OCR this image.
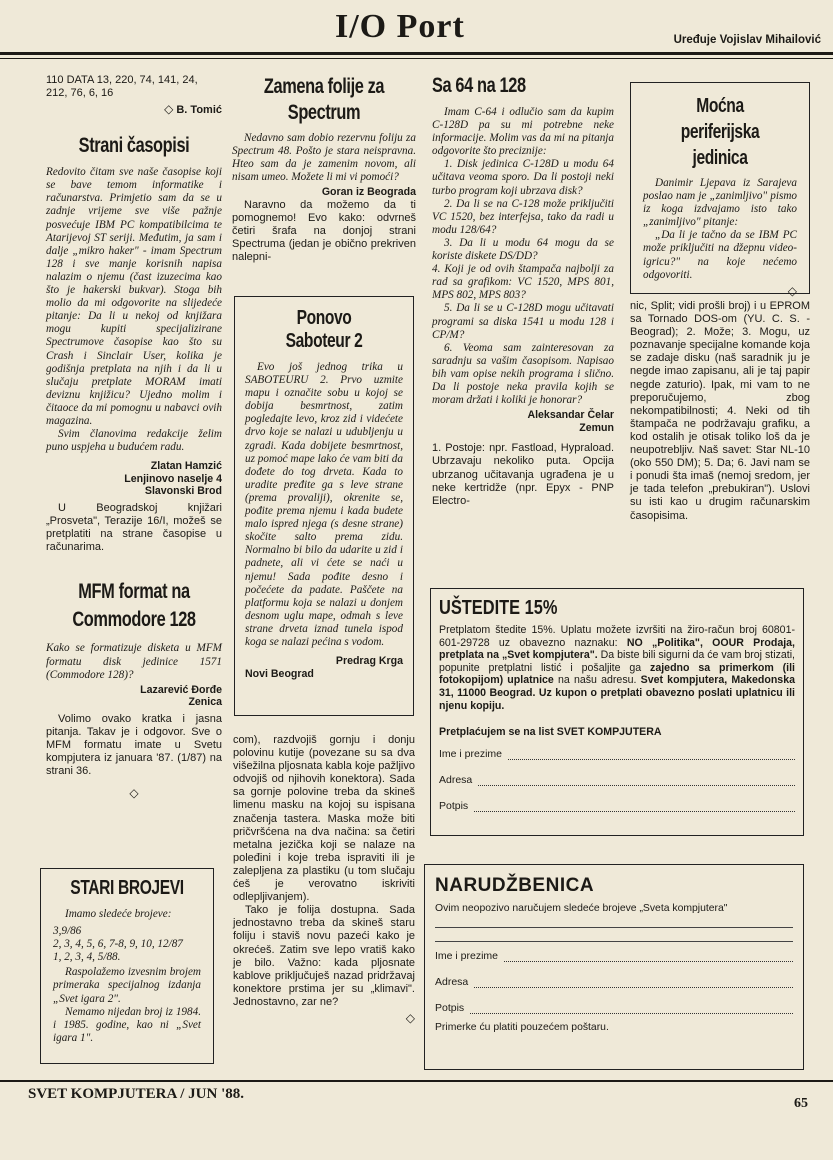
I/O Port	Uređuje Vojislav Mihailović

110 DATA 13, 220, 74, 141, 24, 212, 76, 6, 16

◇ B. Tomić
Strani časopisi

Redovito čitam sve naše časopise koji se bave temom informatike i računarstva. Primjetio sam da se u zadnje vrijeme sve više pažnje posvećuje IBM PC kompatibilcima te Atarijevoj ST seriji. Međutim, ja sam i dalje „mikro haker" - imam Spectrum 128 i sve manje korisnih napisa nalazim o njemu (čast izuzecima kao što je hakerski bukvar). Stoga bih molio da mi odgovorite na slijedeće pitanje: Da li u nekoj od knjižara mogu kupiti specijalizirane Spectrumove časopise kao što su Crash i Sinclair User, kolika je godišnja pretplata na njih i da li u slučaju pretplate MORAM imati deviznu knjižicu? Ujedno molim i čitaoce da mi pomognu u nabavci ovih magazina.

Svim članovima redakcije želim puno uspjeha u budućem radu.

Zlatan Hamzić
Lenjinovo naselje 4
Slavonski Brod

U Beogradskoj knjižari „Prosveta", Terazije 16/I, možeš se pretplatiti na strane časopise u računarima.

MFM format na Commodore 128

Kako se formatizuje disketa u MFM formatu disk jedinice 1571 (Commodore 128)?

Lazarević Đorđe
Zenica

Volimo ovako kratka i jasna pitanja. Takav je i odgovor. Sve o MFM formatu imate u Svetu kompjutera iz januara '87. (1/87) na strani 36.

◇
STARI BROJEVI

Imamo sledeće brojeve:

3,9/86

2, 3, 4, 5, 6, 7-8, 9, 10, 12/87

1, 2, 3, 4, 5/88.

Raspolažemo izvesnim brojem primeraka specijalnog izdanja „Svet igara 2".

Nemamo nijedan broj iz 1984. i 1985. godine, kao ni „Svet igara 1".

Zamena folije za Spectrum

Nedavno sam dobio rezervnu foliju za Spectrum 48. Pošto je stara neispravna. Hteo sam da je zamenim novom, ali nisam umeo. Možete li mi vi pomoći?

Goran iz Beograda

Naravno da možemo da ti pomognemo! Evo kako: odvrneš četiri šrafa na donjoj strani Spectruma (jedan je obično prekriven nalepni-

Ponovo Saboteur 2

Evo još jednog trika u SABOTEURU 2. Prvo uzmite mapu i označite sobu u kojoj se dobija besmrtnost, zatim pogledajte levo, kroz zid i videćete drvo koje se nalazi u udubljenju u zgradi. Kada dobijete besmrtnost, uz pomoć mape lako će vam biti da dođete do tog drveta. Kada to uradite pređite ga s leve strane (prema provaliji), okrenite se, pođite prema njemu i kada budete malo ispred njega (s desne strane) skočite salto prema zidu. Normalno bi bilo da udarite u zid i padnete, ali vi ćete se naći u njemu! Sada pođite desno i počećete da padate. Paščete na platformu koja se nalazi u donjem desnom uglu mape, odmah s leve strane drveta iznad tunela ispod koga se nalazi pećina s vodom.

Predrag Krga
Novi Beograd

com), razdvojiš gornju i donju polovinu kutije (povezane su sa dva višežilna pljosnata kabla koje pažljivo odvojiš od njihovih konektora). Sada sa gornje polovine treba da skineš limenu masku na kojoj su ispisana značenja tastera. Maska može biti pričvršćena na dva načina: sa četiri metalna jezička koji se nalaze na poleđini i koje treba ispraviti ili je zalepljena za plastiku (u tom slučaju ćeš je verovatno iskriviti odlepljivanjem).

Tako je folija dostupna. Sada jednostavno treba da skineš staru foliju i staviš novu pazeći kako je okrećeš. Zatim sve lepo vratiš kako je bilo. Važno: kada pljosnate kablove priključuješ nazad pridržavaj konektore prstima jer su „klimavi". Jednostavno, zar ne?

◇
Sa 64 na 128

Imam C-64 i odlučio sam da kupim C-128D pa su mi potrebne neke informacije. Molim vas da mi na pitanja odgovorite što preciznije:

1. Disk jedinica C-128D u modu 64 učitava veoma sporo. Da li postoji neki turbo program koji ubrzava disk?

2. Da li se na C-128 može priključiti VC 1520, bez interfejsa, tako da radi u modu 128/64?

3. Da li u modu 64 mogu da se koriste diskete DS/DD?

4. Koji je od ovih štampača najbolji za rad sa grafikom: VC 1520, MPS 801, MPS 802, MPS 803?

5. Da li se u C-128D mogu učitavati programi sa diska 1541 u modu 128 i CP/M?

6. Veoma sam zainteresovan za saradnju sa vašim časopisom. Napisao bih vam opise nekih programa i slično. Da li postoje neka pravila kojih se moram držati i koliki je honorar?

Aleksandar Čelar
Zemun

1. Postoje: npr. Fastload, Hypraload. Ubrzavaju nekoliko puta. Opcija ubrzanog učitavanja ugrađena je u neke kertridže (npr. Epyx - PNP Electro-

Moćna periferijska jedinica

Danimir Ljepava iz Sarajeva poslao nam je „zanimljivo" pismo iz koga izdvajamo isto tako „zanimljivo" pitanje:

„Da li je tačno da se IBM PC može priključiti na džepnu video-igricu?" na koje nećemo odgovoriti.

◇

nic, Split; vidi prošli broj) i u EPROM sa Tornado DOS-om (YU. C. S. - Beograd); 2. Može; 3. Mogu, uz poznavanje specijalne komande koja se zadaje disku (naš saradnik ju je negde imao zapisanu, ali je taj papir negde zaturio). Ipak, mi vam to ne preporučujemo, zbog nekompatibilnosti; 4. Neki od tih štampača ne podržavaju grafiku, a kod ostalih je otisak toliko loš da je neupotrebljiv. Naš savet: Star NL-10 (oko 550 DM); 5. Da; 6. Javi nam se i ponudi šta imaš (nemoj sredom, jer je tada telefon „prebukiran"). Uslovi su isti kao u drugim računarskim časopisima.

UŠTEDITE 15%
Pretplatom štedite 15%. Uplatu možete izvršiti na žiro-račun broj 60801-601-29728 uz obavezno naznaku: NO „Politika", OOUR Prodaja, pretplata na „Svet kompjutera". Da biste bili sigurni da će vam broj stizati, popunite pretplatni listić i pošaljite ga zajedno sa primerkom (ili fotokopijom) uplatnice na našu adresu. Svet kompjutera, Makedonska 31, 11000 Beograd. Uz kupon o pretplati obavezno poslati uplatnicu ili njenu kopiju.
Pretplaćujem se na list SVET KOMPJUTERA
Ime i prezime
Adresa
Potpis
NARUDŽBENICA
Ovim neopozivo naručujem sledeće brojeve „Sveta kompjutera"
Ime i prezime
Adresa
Potpis
Primerke ću platiti pouzećem poštaru.
SVET KOMPJUTERA / JUN '88.
65
